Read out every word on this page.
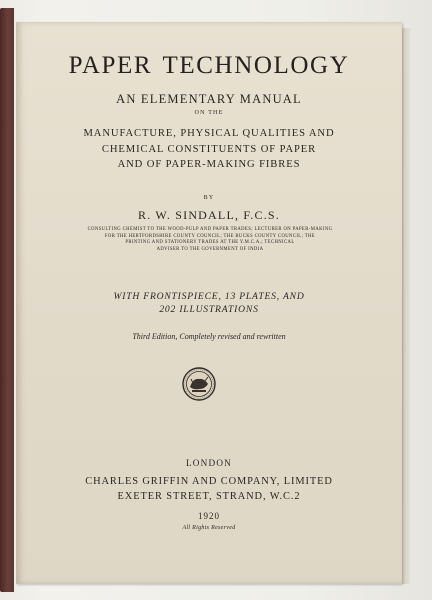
PAPER TECHNOLOGY
AN ELEMENTARY MANUAL
ON THE
MANUFACTURE, PHYSICAL QUALITIES AND
CHEMICAL CONSTITUENTS OF PAPER
AND OF PAPER-MAKING FIBRES
BY
R. W. SINDALL, F.C.S.
CONSULTING CHEMIST TO THE WOOD-PULP AND PAPER TRADES; LECTURER ON PAPER-MAKING
FOR THE HERTFORDSHIRE COUNTY COUNCIL; THE BUCKS COUNTY COUNCIL; THE
PRINTING AND STATIONERY TRADES AT THE Y.M.C.A.; TECHNICAL
ADVISER TO THE GOVERNMENT OF INDIA
WITH FRONTISPIECE, 13 PLATES, AND
202 ILLUSTRATIONS
Third Edition, Completely revised and rewritten
LONDON
CHARLES GRIFFIN AND COMPANY, LIMITED
EXETER STREET, STRAND, W.C.2
1920
All Rights Reserved
